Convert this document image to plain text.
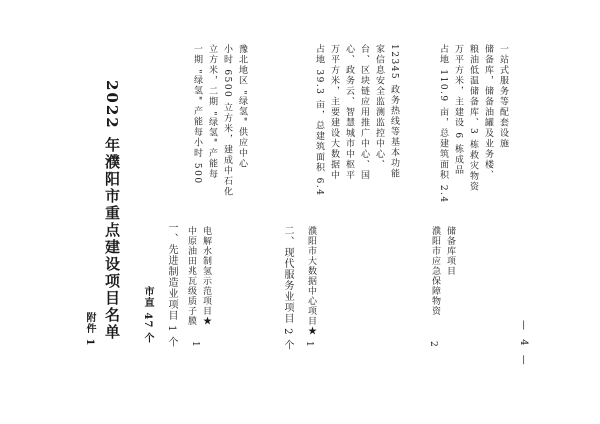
附件 1 2022 年濮阳市重点建设项目名单 市直 47 个 一、先进制造业项目 1 个 1
中原油田兆瓦级质子膜 电解水制氢示范项目★
一期 "绿氢" 产能每小时 500 立方米，二期 "绿氢" 产能每 小时 6500 立方米，建成中石化 豫北地区 "绿氢" 供应中心
二、现代服务业项目 2 个 1
濮阳市大数据中心项目★
占地 39.3 亩，总建筑面积 6.4 万平方米，主要建设大数据中 心、政务云、智慧城市中枢平 台、区块链应用推广中心、国 家信息安全监测监控中心、 12345 政务热线等基本功能
2
濮阳市应急保障物资 储备库项目
占地 110.9 亩，总建筑面积 2.4 万平方米，主建设 6 栋成品 粮油低温储备库、3 栋救灾物资 储备库，储备油罐及业务楼、 一站式服务等配套设施
— 4 —
